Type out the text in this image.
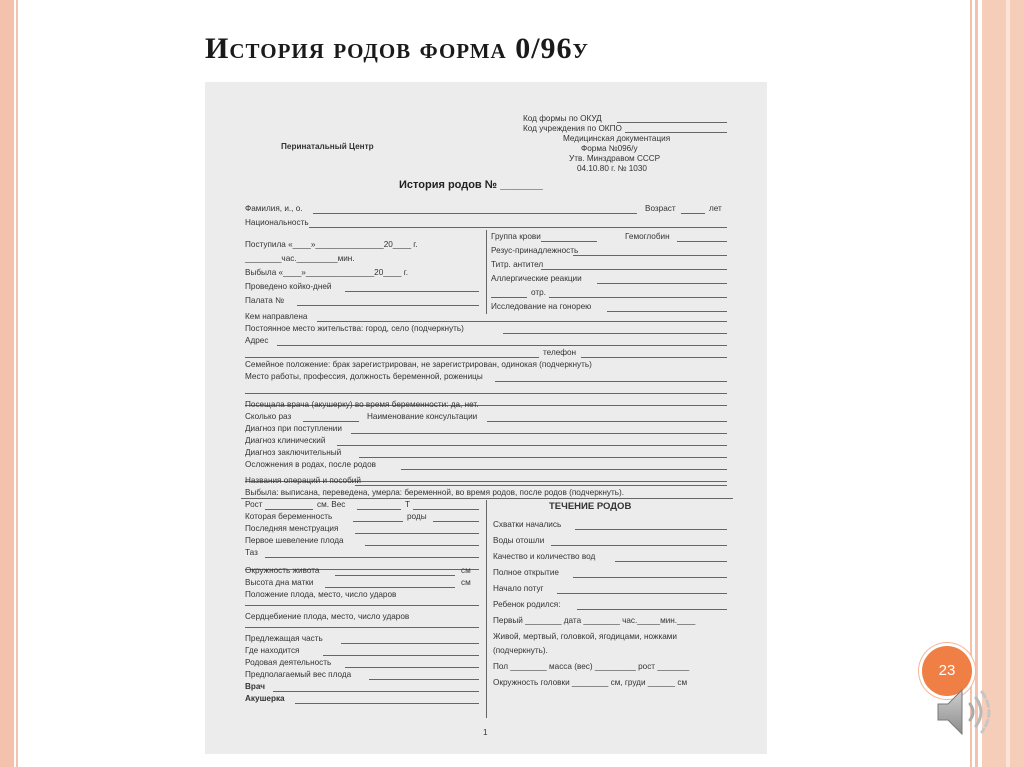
История родов форма 0/96у
Код формы по ОКУД
Код учреждения по ОКПО
Медицинская документация
Форма №096/у
Утв. Минздравом СССР
04.10.80 г. № 1030
Перинатальный Центр
История родов № _______
Фамилия, и., о.	Возраст	лет
Национальность
Поступила «____»_______________20____ г.
________час._________мин.
Выбыла «____»_______________20____ г.
Проведено койко-дней
Палата №
Группа крови	Гемоглобин
Резус-принадлежность
Титр. антител
Аллергические реакции
отр.
Исследование на гонорею
Кем направлена
Постоянное место жительства: город, село (подчеркнуть)
Адрес
телефон
Семейное положение: брак зарегистрирован, не зарегистрирован, одинокая (подчеркнуть)
Место работы, профессия, должность беременной, роженицы
Посещала врача (акушерку) во время беременности: да, нет.
Сколько раз	Наименование консультации
Диагноз при поступлении
Диагноз клинический
Диагноз заключительный
Осложнения в родах, после родов
Названия операций и пособий
Выбыла: выписана, переведена, умерла: беременной, во время родов, после родов (подчеркнуть).
Рост	см. Вес	Т
Которая беременность	роды
Последняя менструация
Первое шевеление плода
Таз
Окружность живота	см
Высота дна матки	см
Положение плода, место, число ударов
Сердцебиение плода, место, число ударов
Предлежащая часть
Где находится
Родовая деятельность
Предполагаемый вес плода
Врач
Акушерка
ТЕЧЕНИЕ РОДОВ
Схватки начались
Воды отошли
Качество и количество вод
Полное открытие
Начало потуг
Ребенок родился:
Первый ________ дата ________ час._____мин.____
Живой, мертвый, головкой, ягодицами, ножками
(подчеркнуть).
Пол ________ масса (вес) _________ рост _______
Окружность головки ________ см, груди ______ см
1
23
